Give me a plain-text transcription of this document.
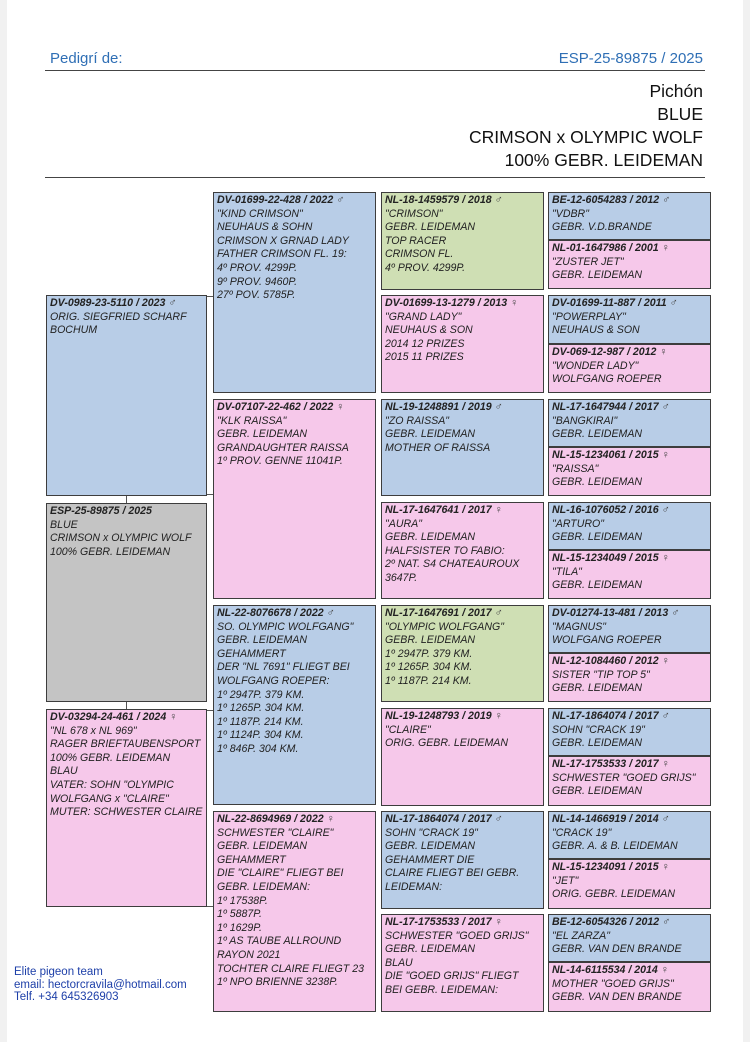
Pedigrí de:	ESP-25-89875 / 2025
Pichón
BLUE
CRIMSON x OLYMPIC WOLF
100% GEBR. LEIDEMAN
DV-0989-23-5110 / 2023 ♂
ORIG. SIEGFRIED SCHARF
BOCHUM
ESP-25-89875 / 2025
BLUE
CRIMSON x OLYMPIC WOLF
100% GEBR. LEIDEMAN
DV-03294-24-461 / 2024 ♀
"NL 678 x NL 969"
RAGER BRIEFTAUBENSPORT
100% GEBR. LEIDEMAN
BLAU
VATER: SOHN "OLYMPIC
WOLFGANG x "CLAIRE"
MUTER: SCHWESTER CLAIRE
DV-01699-22-428 / 2022 ♂
"KIND CRIMSON"
NEUHAUS & SOHN
CRIMSON X GRNAD LADY
FATHER CRIMSON FL. 19:
4º PROV. 4299P.
9º PROV. 9460P.
27º POV. 5785P.
DV-07107-22-462 / 2022 ♀
"KLK RAISSA"
GEBR. LEIDEMAN
GRANDAUGHTER RAISSA
1º PROV. GENNE 11041P.
NL-22-8076678 / 2022 ♂
SO. OLYMPIC WOLFGANG"
GEBR. LEIDEMAN
GEHAMMERT
DER "NL 7691" FLIEGT BEI
WOLFGANG ROEPER:
1º 2947P. 379 KM.
1º 1265P. 304 KM.
1º 1187P. 214 KM.
1º 1124P. 304 KM.
1º 846P. 304 KM.
NL-22-8694969 / 2022 ♀
SCHWESTER "CLAIRE"
GEBR. LEIDEMAN
GEHAMMERT
DIE "CLAIRE" FLIEGT BEI
GEBR. LEIDEMAN:
1º 17538P.
1º 5887P.
1º 1629P.
1º AS TAUBE ALLROUND
RAYON 2021
TOCHTER CLAIRE FLIEGT 23
1º NPO BRIENNE 3238P.
NL-18-1459579 / 2018 ♂
"CRIMSON"
GEBR. LEIDEMAN
TOP RACER
CRIMSON FL.
4º PROV. 4299P.
DV-01699-13-1279 / 2013 ♀
"GRAND LADY"
NEUHAUS & SON
2014 12 PRIZES
2015 11 PRIZES
NL-19-1248891 / 2019 ♂
"ZO RAISSA"
GEBR. LEIDEMAN
MOTHER OF RAISSA
NL-17-1647641 / 2017 ♀
"AURA"
GEBR. LEIDEMAN
HALFSISTER TO FABIO:
2º NAT. S4 CHATEAUROUX
3647P.
NL-17-1647691 / 2017 ♂
"OLYMPIC WOLFGANG"
GEBR. LEIDEMAN
1º 2947P. 379 KM.
1º 1265P. 304 KM.
1º 1187P. 214 KM.
NL-19-1248793 / 2019 ♀
"CLAIRE"
ORIG. GEBR. LEIDEMAN
NL-17-1864074 / 2017 ♂
SOHN "CRACK 19"
GEBR. LEIDEMAN
GEHAMMERT DIE
CLAIRE FLIEGT BEI GEBR.
LEIDEMAN:
NL-17-1753533 / 2017 ♀
SCHWESTER "GOED GRIJS"
GEBR. LEIDEMAN
BLAU
DIE "GOED GRIJS" FLIEGT
BEI GEBR. LEIDEMAN:
BE-12-6054283 / 2012 ♂
"VDBR"
GEBR. V.D.BRANDE
NL-01-1647986 / 2001 ♀
"ZUSTER JET"
GEBR. LEIDEMAN
DV-01699-11-887 / 2011 ♂
"POWERPLAY"
NEUHAUS & SON
DV-069-12-987 / 2012 ♀
"WONDER LADY"
WOLFGANG ROEPER
NL-17-1647944 / 2017 ♂
"BANGKIRAI"
GEBR. LEIDEMAN
NL-15-1234061 / 2015 ♀
"RAISSA"
GEBR. LEIDEMAN
NL-16-1076052 / 2016 ♂
"ARTURO"
GEBR. LEIDEMAN
NL-15-1234049 / 2015 ♀
"TILA"
GEBR. LEIDEMAN
DV-01274-13-481 / 2013 ♂
"MAGNUS"
WOLFGANG ROEPER
NL-12-1084460 / 2012 ♀
SISTER "TIP TOP 5"
GEBR. LEIDEMAN
NL-17-1864074 / 2017 ♂
SOHN "CRACK 19"
GEBR. LEIDEMAN
NL-17-1753533 / 2017 ♀
SCHWESTER "GOED GRIJS"
GEBR. LEIDEMAN
NL-14-1466919 / 2014 ♂
"CRACK 19"
GEBR. A. & B. LEIDEMAN
NL-15-1234091 / 2015 ♀
"JET"
ORIG. GEBR. LEIDEMAN
BE-12-6054326 / 2012 ♂
"EL ZARZA"
GEBR. VAN DEN BRANDE
NL-14-6115534 / 2014 ♀
MOTHER "GOED GRIJS"
GEBR. VAN DEN BRANDE
Elite pigeon team
email: hectorcravila@hotmail.com
Telf. +34 645326903
